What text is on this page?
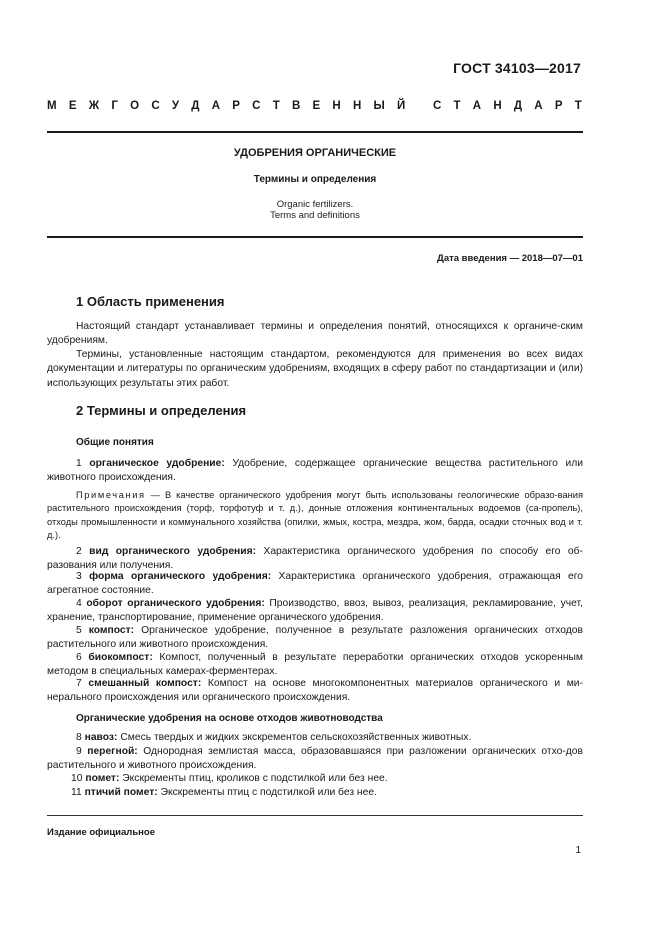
ГОСТ 34103—2017
М Е Ж Г О С У Д А Р С Т В Е Н Н Ы Й
С Т А Н Д А Р Т
УДОБРЕНИЯ ОРГАНИЧЕСКИЕ
Термины и определения
Organic fertilizers.
Terms and definitions
Дата введения — 2018—07—01
1 Область применения
Настоящий стандарт устанавливает термины и определения понятий, относящихся к органиче-ским удобрениям.
Термины, установленные настоящим стандартом, рекомендуются для применения во всех видах документации и литературы по органическим удобрениям, входящих в сферу работ по стандартизации и (или) использующих результаты этих работ.
2 Термины и определения
Общие понятия
1 органическое удобрение: Удобрение, содержащее органические вещества растительного или животного происхождения.
Примечания — В качестве органического удобрения могут быть использованы геологические образо-вания растительного происхождения (торф, торфотуф и т. д.), донные отложения континентальных водоемов (са-пропель), отходы промышленности и коммунального хозяйства (опилки, жмых, костра, мездра, жом, барда, осадки сточных вод и т. д.).
2 вид органического удобрения: Характеристика органического удобрения по способу его об-разования или получения.
3 форма органического удобрения: Характеристика органического удобрения, отражающая его агрегатное состояние.
4 оборот органического удобрения: Производство, ввоз, вывоз, реализация, рекламирование, учет, хранение, транспортирование, применение органического удобрения.
5 компост: Органическое удобрение, полученное в результате разложения органических отходов растительного или животного происхождения.
6 биокомпост: Компост, полученный в результате переработки органических отходов ускоренным методом в специальных камерах-ферментерах.
7 смешанный компост: Компост на основе многокомпонентных материалов органического и ми-нерального происхождения или органического происхождения.
Органические удобрения на основе отходов животноводства
8 навоз: Смесь твердых и жидких экскрементов сельскохозяйственных животных.
9 перегной: Однородная землистая масса, образовавшаяся при разложении органических отхо-дов растительного и животного происхождения.
10 помет: Экскременты птиц, кроликов с подстилкой или без нее.
11 птичий помет: Экскременты птиц с подстилкой или без нее.
Издание официальное
1
